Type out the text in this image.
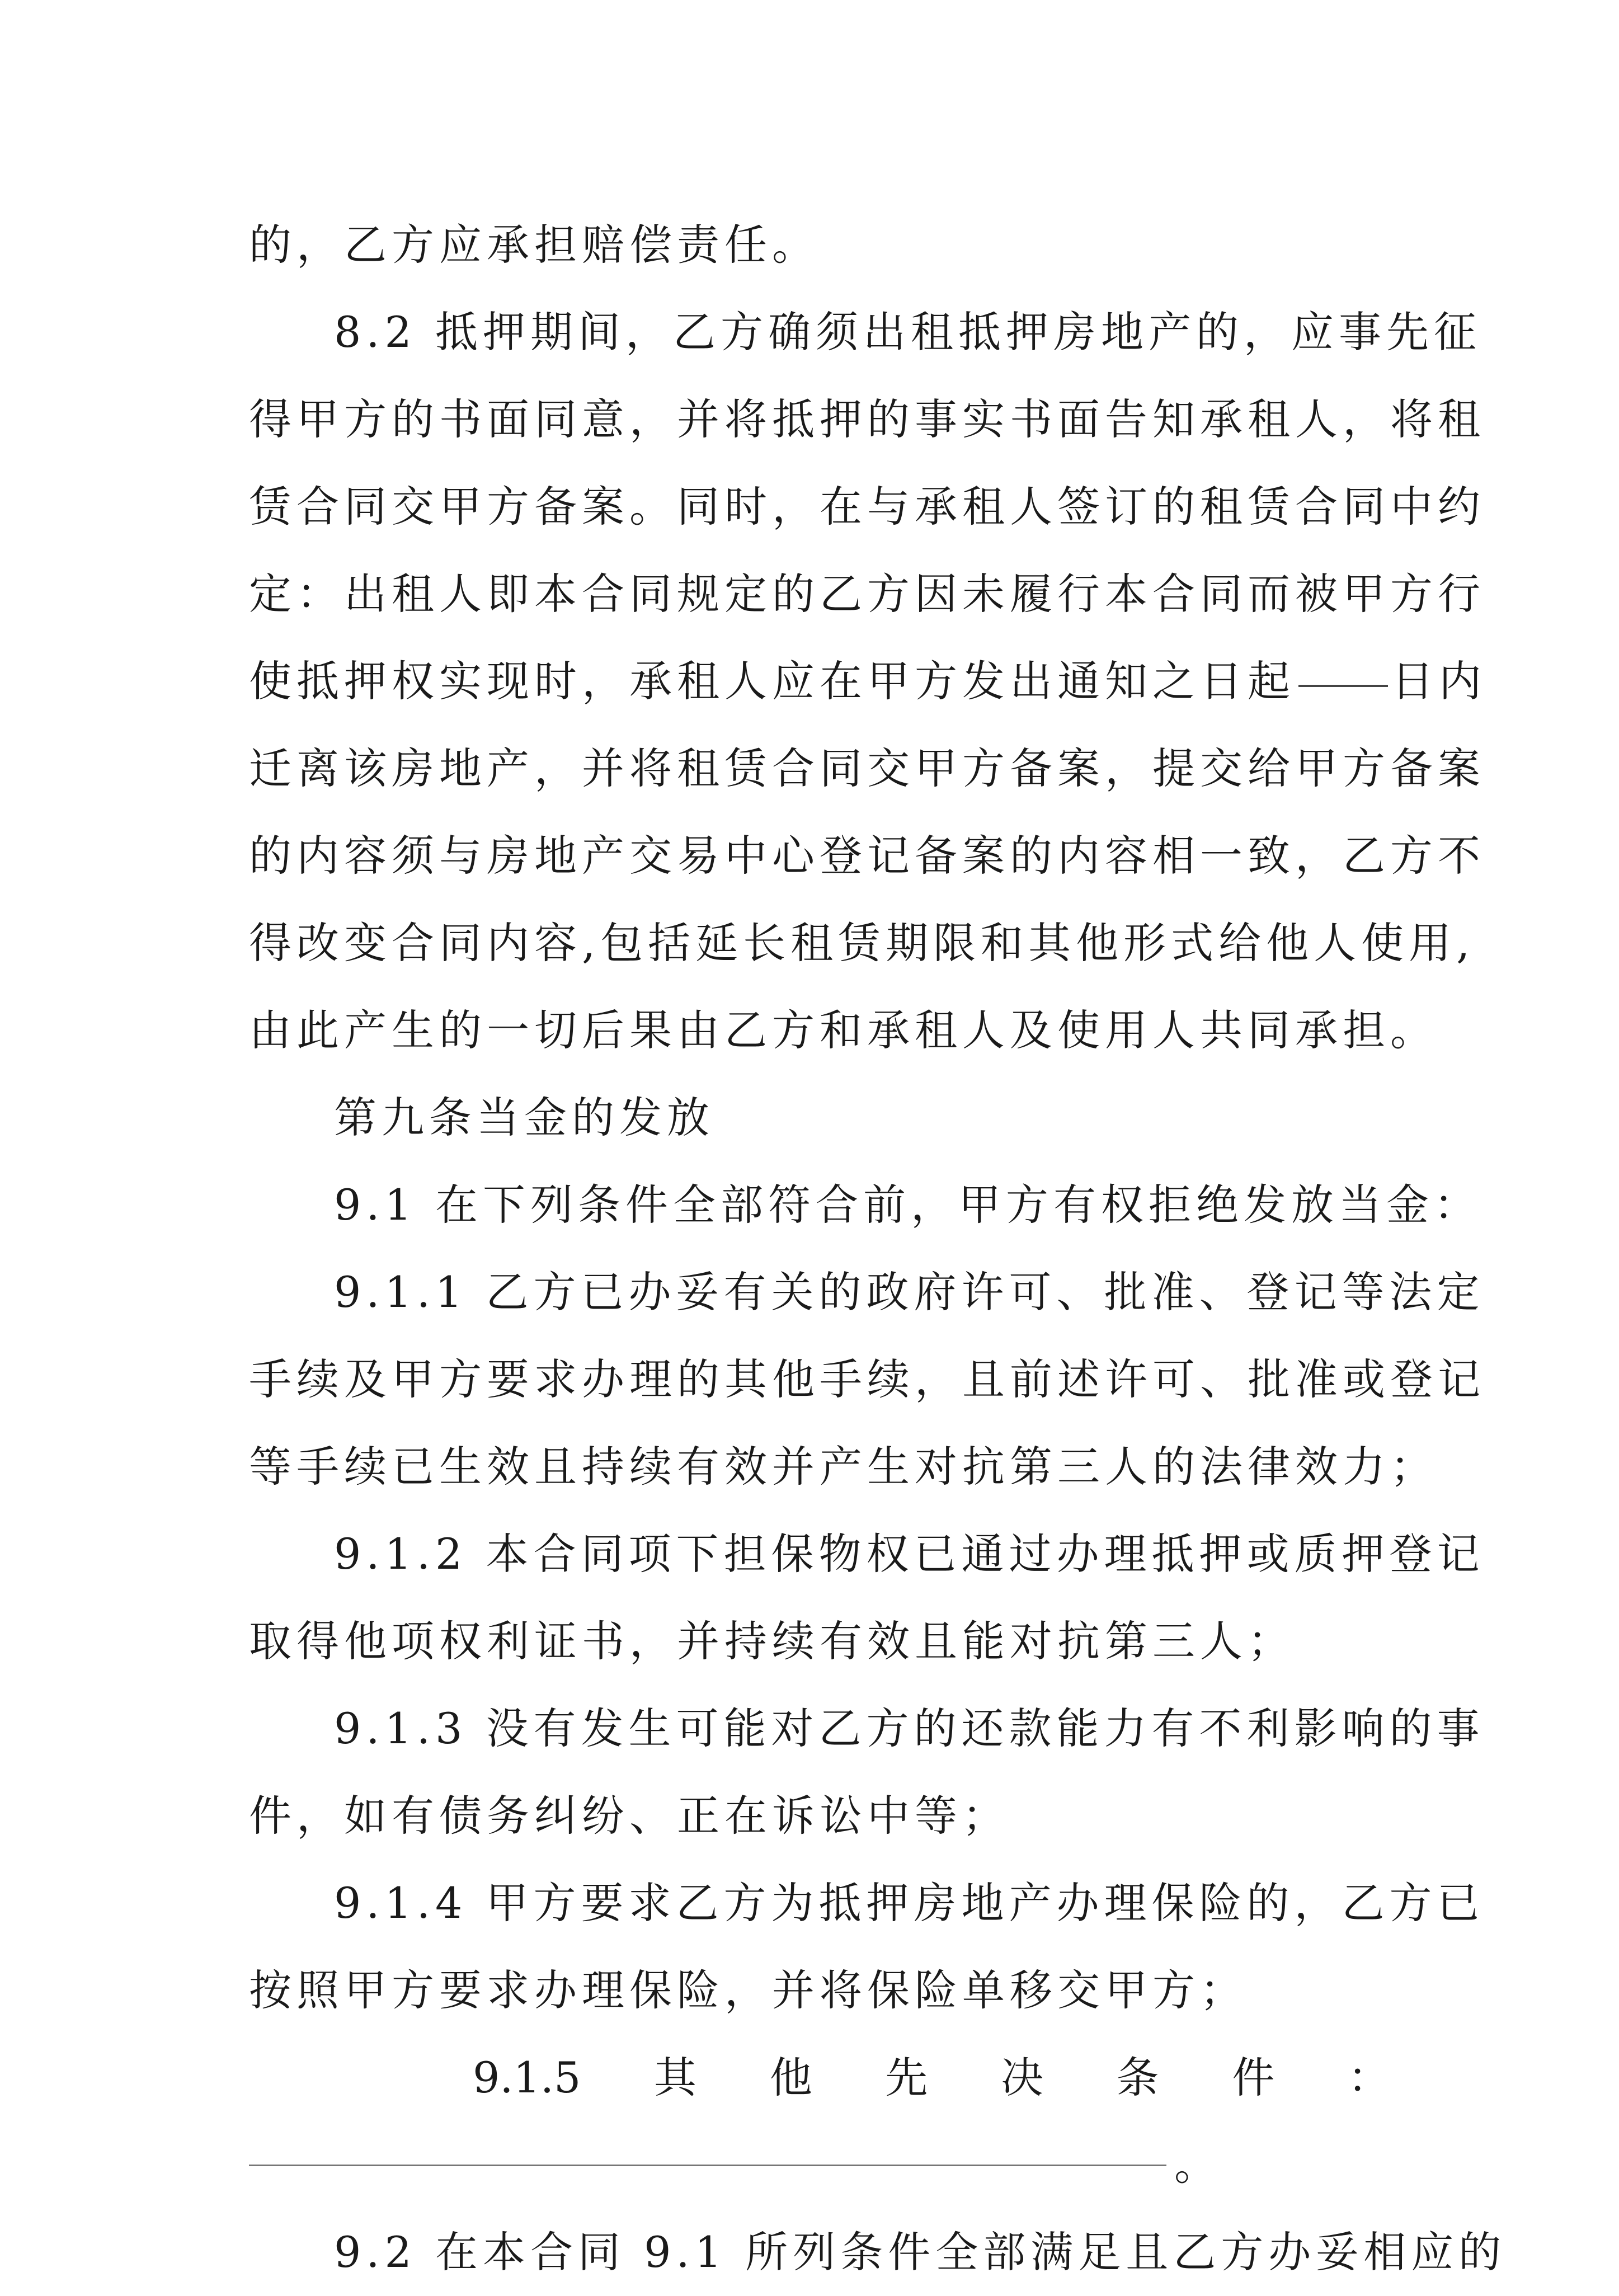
的，乙方应承担赔偿责任。
8.2 抵押期间，乙方确须出租抵押房地产的，应事先征
得甲方的书面同意，并将抵押的事实书面告知承租人，将租
赁合同交甲方备案。同时，在与承租人签订的租赁合同中约
定：出租人即本合同规定的乙方因未履行本合同而被甲方行
使抵押权实现时，承租人应在甲方发出通知之日起 日内
迁离该房地产，并将租赁合同交甲方备案，提交给甲方备案
的内容须与房地产交易中心登记备案的内容相一致，乙方不
得改变合同内容,包括延长租赁期限和其他形式给他人使用,
由此产生的一切后果由乙方和承租人及使用人共同承担。
第九条当金的发放
9.1 在下列条件全部符合前，甲方有权拒绝发放当金：
9.1.1 乙方已办妥有关的政府许可、批准、登记等法定
手续及甲方要求办理的其他手续，且前述许可、批准或登记
等手续已生效且持续有效并产生对抗第三人的法律效力；
9.1.2 本合同项下担保物权已通过办理抵押或质押登记
取得他项权利证书，并持续有效且能对抗第三人；
9.1.3 没有发生可能对乙方的还款能力有不利影响的事
件，如有债务纠纷、正在诉讼中等；
9.1.4 甲方要求乙方为抵押房地产办理保险的，乙方已
按照甲方要求办理保险，并将保险单移交甲方；
9.1.5 其 他 先 决 条 件 ：
。
9.2 在本合同 9.1 所列条件全部满足且乙方办妥相应的
